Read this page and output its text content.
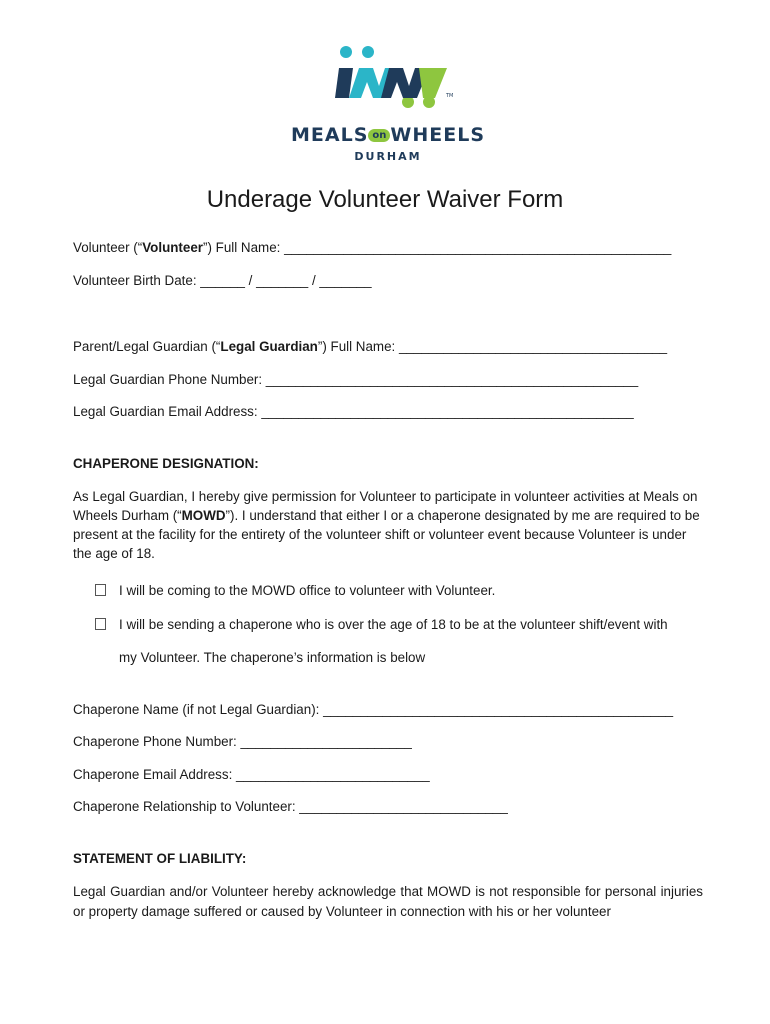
TM
MEALS on WHEELS
DURHAM
Underage Volunteer Waiver Form
Volunteer (“Volunteer”) Full Name: ____________________________________________________
Volunteer Birth Date: ______ / _______ / _______
Parent/Legal Guardian (“Legal Guardian”) Full Name: ____________________________________
Legal Guardian Phone Number: __________________________________________________
Legal Guardian Email Address: __________________________________________________
CHAPERONE DESIGNATION:
As Legal Guardian, I hereby give permission for Volunteer to participate in volunteer activities at Meals on Wheels Durham (“MOWD”). I understand that either I or a chaperone designated by me are required to be present at the facility for the entirety of the volunteer shift or volunteer event because Volunteer is under the age of 18.
I will be coming to the MOWD office to volunteer with Volunteer.
I will be sending a chaperone who is over the age of 18 to be at the volunteer shift/event with
my Volunteer. The chaperone’s information is below
Chaperone Name (if not Legal Guardian): _______________________________________________
Chaperone Phone Number: _______________________
Chaperone Email Address: __________________________
Chaperone Relationship to Volunteer: ____________________________
STATEMENT OF LIABILITY:
Legal Guardian and/or Volunteer hereby acknowledge that MOWD is not responsible for personal injuries or property damage suffered or caused by Volunteer in connection with his or her volunteer
